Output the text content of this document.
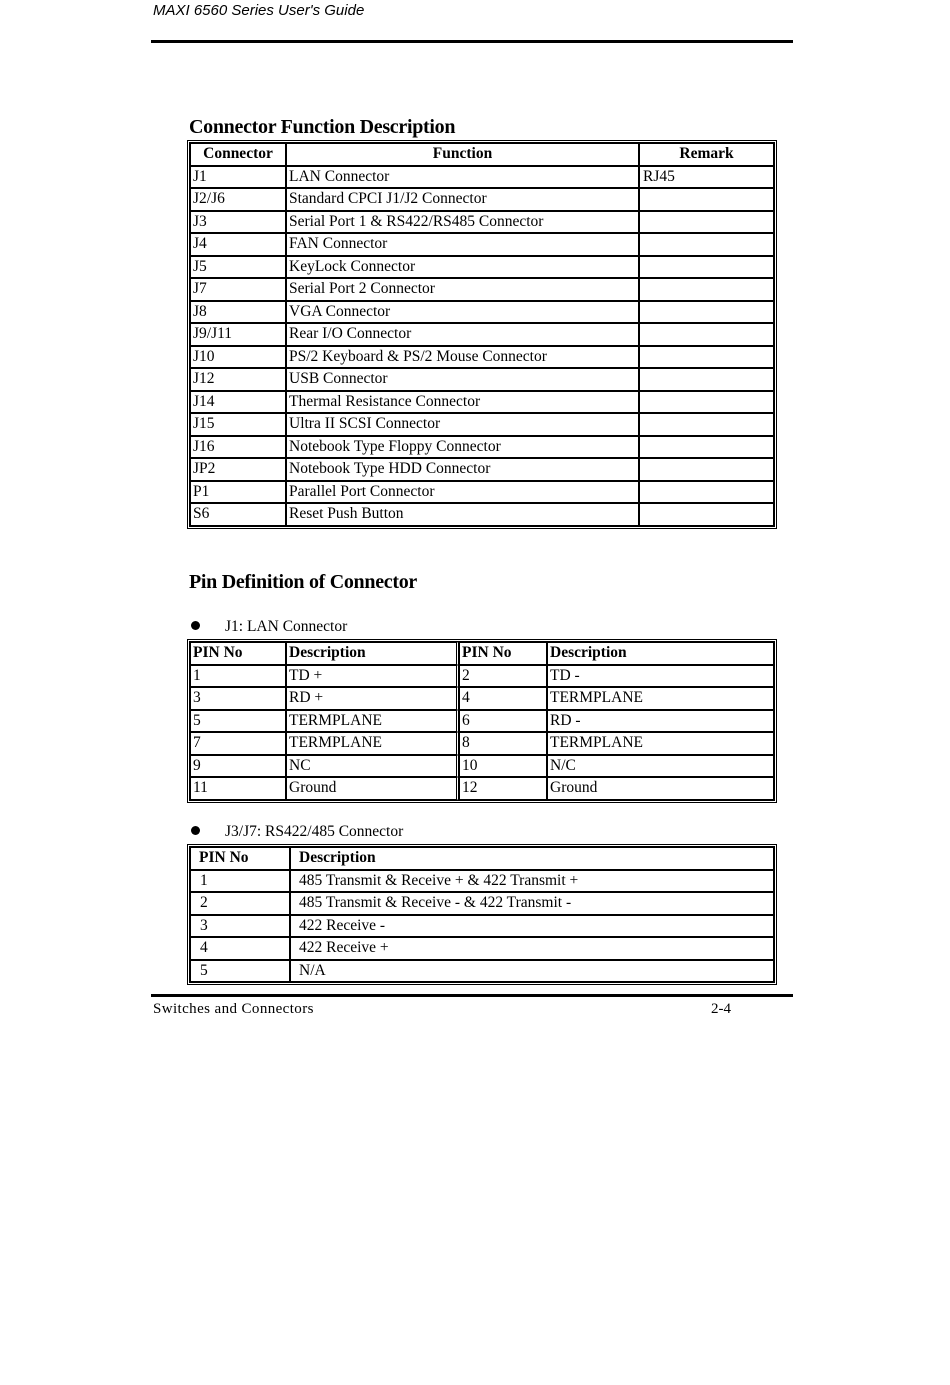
MAXI 6560 Series User's Guide
Connector Function Description
Connector	Function	Remark
J1	LAN Connector	RJ45
J2/J6	Standard CPCI J1/J2 Connector	
J3	Serial Port 1 & RS422/RS485 Connector	
J4	FAN Connector	
J5	KeyLock Connector	
J7	Serial Port 2 Connector	
J8	VGA Connector	
J9/J11	Rear I/O Connector	
J10	PS/2 Keyboard & PS/2 Mouse Connector	
J12	USB Connector	
J14	Thermal Resistance Connector	
J15	Ultra II SCSI Connector	
J16	Notebook Type Floppy Connector	
JP2	Notebook Type HDD Connector	
P1	Parallel Port Connector	
S6	Reset Push Button	
Pin Definition of Connector
J1: LAN Connector
PIN No	Description	PIN No	Description
1	TD +	2	TD -
3	RD +	4	TERMPLANE
5	TERMPLANE	6	RD -
7	TERMPLANE	8	TERMPLANE
9	NC	10	N/C
11	Ground	12	Ground
J3/J7: RS422/485 Connector
PIN No	Description
1	485 Transmit & Receive + & 422 Transmit +
2	485 Transmit & Receive - & 422 Transmit -
3	422 Receive -
4	422 Receive +
5	N/A
Switches and Connectors	2-4
